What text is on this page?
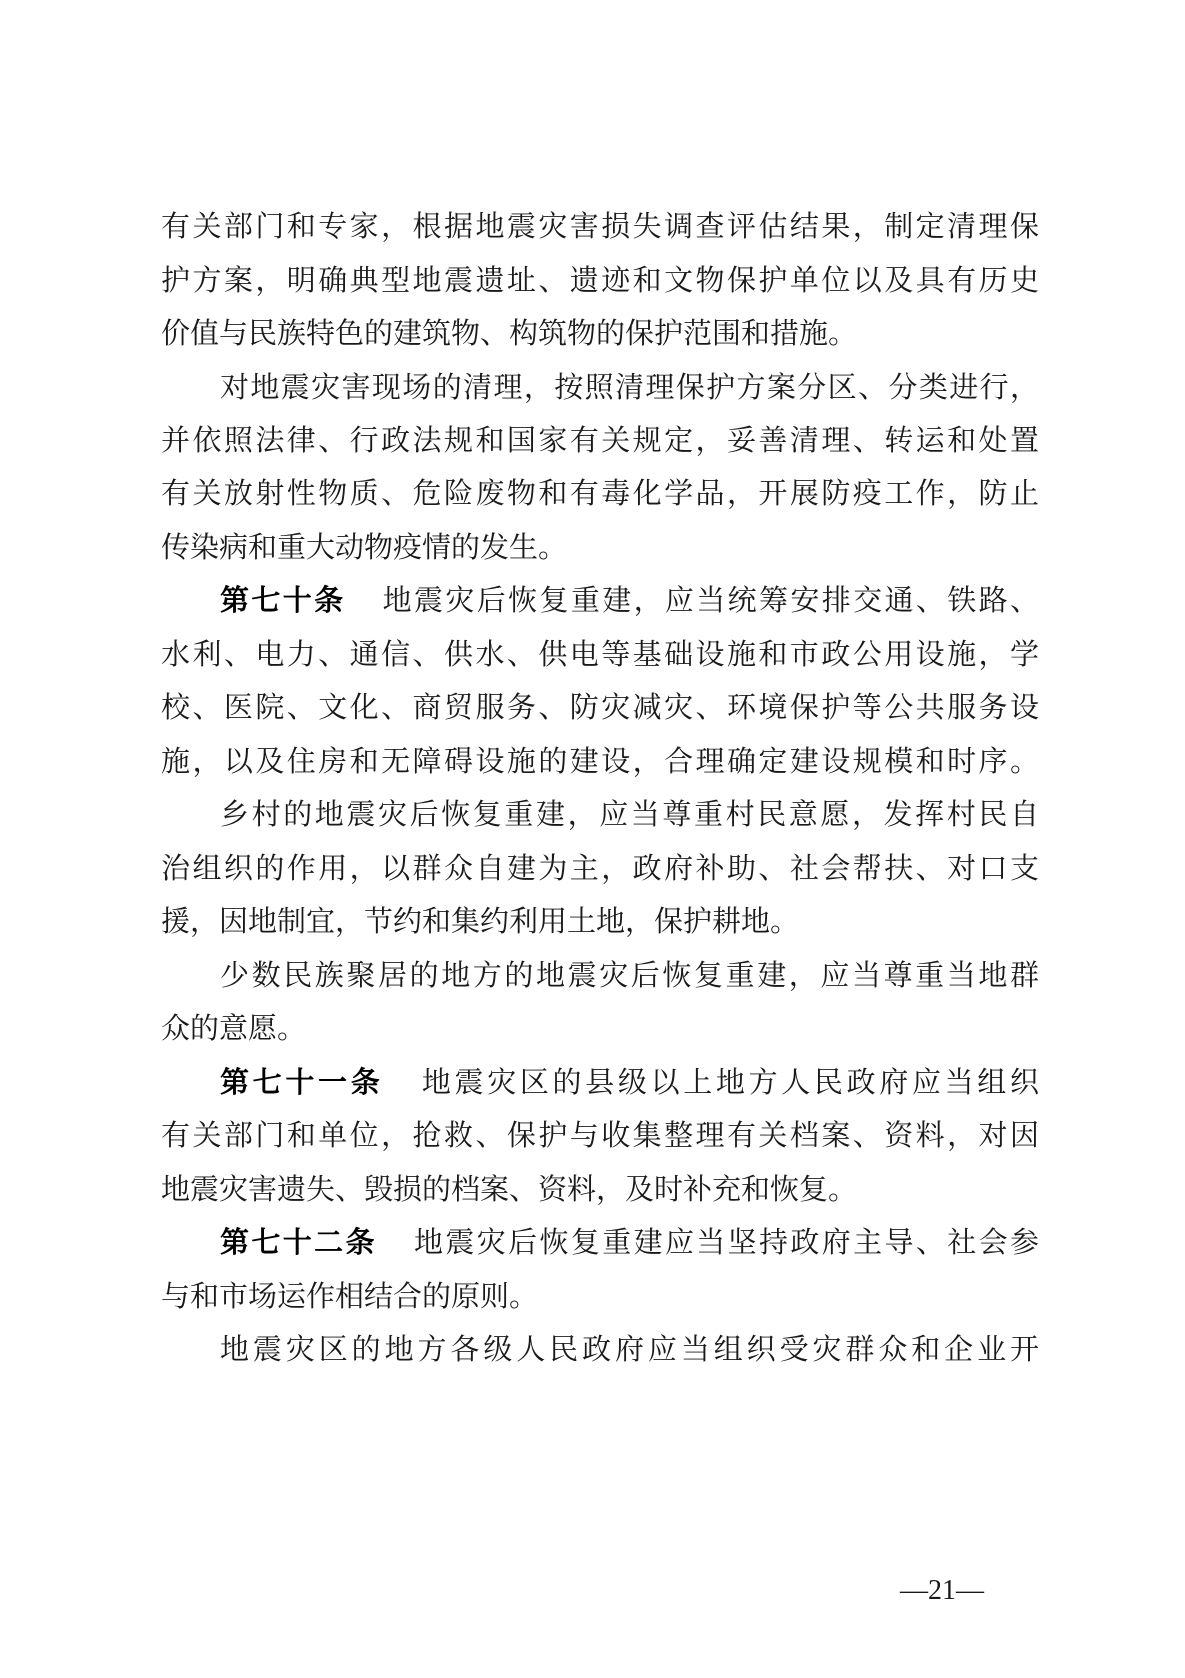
有关部门和专家，根据地震灾害损失调查评估结果，制定清理保
护方案，明确典型地震遗址、遗迹和文物保护单位以及具有历史
价值与民族特色的建筑物、构筑物的保护范围和措施。
对地震灾害现场的清理，按照清理保护方案分区、分类进行，
并依照法律、行政法规和国家有关规定，妥善清理、转运和处置
有关放射性物质、危险废物和有毒化学品，开展防疫工作，防止
传染病和重大动物疫情的发生。
第七十条 地震灾后恢复重建，应当统筹安排交通、铁路、
水利、电力、通信、供水、供电等基础设施和市政公用设施，学
校、医院、文化、商贸服务、防灾减灾、环境保护等公共服务设
施，以及住房和无障碍设施的建设，合理确定建设规模和时序。
乡村的地震灾后恢复重建，应当尊重村民意愿，发挥村民自
治组织的作用，以群众自建为主，政府补助、社会帮扶、对口支
援，因地制宜，节约和集约利用土地，保护耕地。
少数民族聚居的地方的地震灾后恢复重建，应当尊重当地群
众的意愿。
第七十一条 地震灾区的县级以上地方人民政府应当组织
有关部门和单位，抢救、保护与收集整理有关档案、资料，对因
地震灾害遗失、毁损的档案、资料，及时补充和恢复。
第七十二条 地震灾后恢复重建应当坚持政府主导、社会参
与和市场运作相结合的原则。
地震灾区的地方各级人民政府应当组织受灾群众和企业开
—21—
